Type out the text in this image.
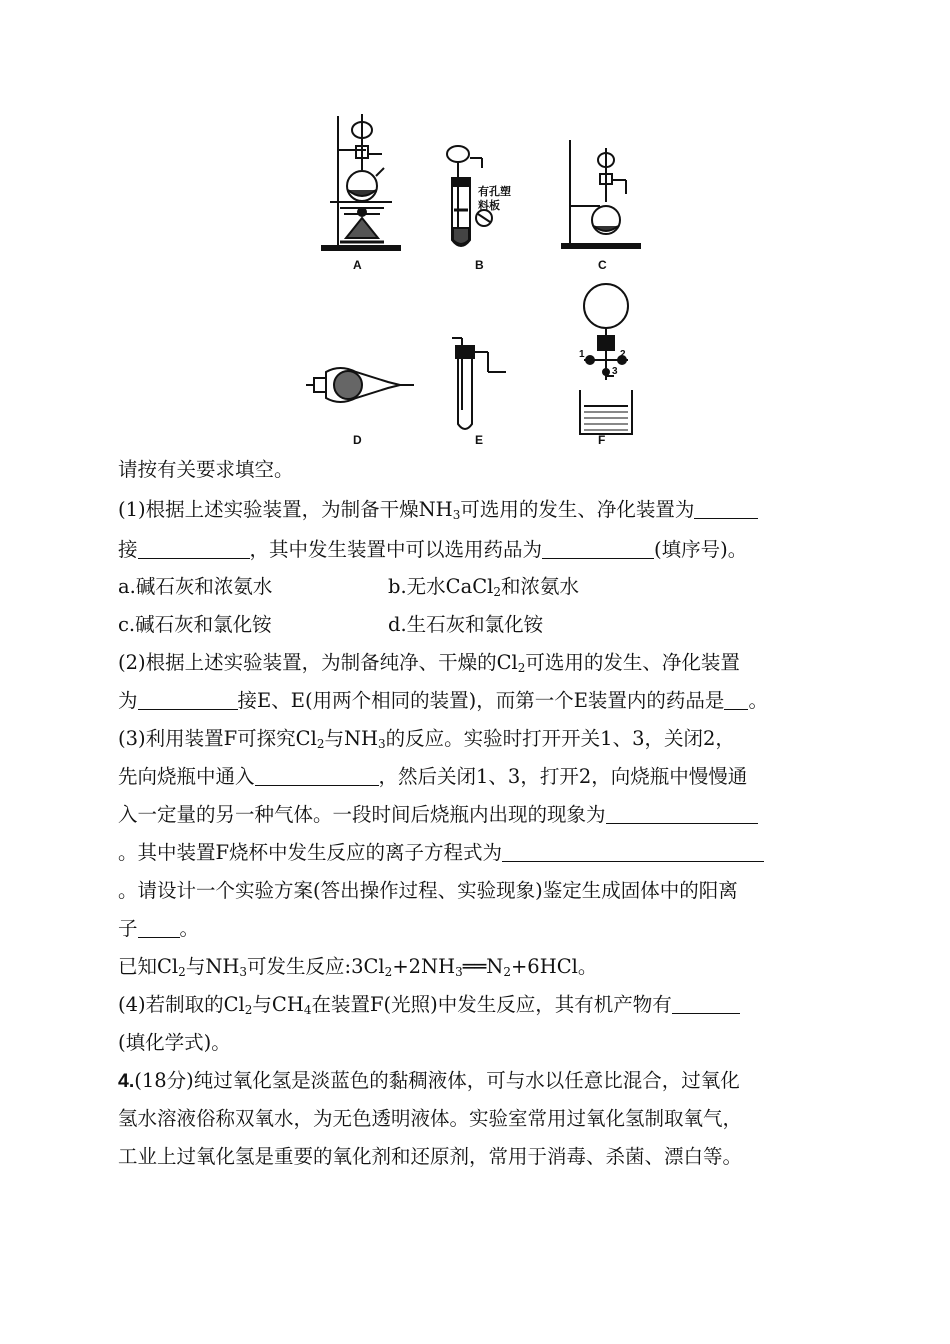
A	B	C
D	E	F
有孔塑
料板
1	2
3
请按有关要求填空。
(1)根据上述实验装置，为制备干燥$NH_3$可选用的发生、净化装置为
接	，其中发生装置中可以选用药品为	(填序号)。
a.碱石灰和浓氨水	b.无水CaCl$_2$和浓氨水
c.碱石灰和氯化铵	d.生石灰和氯化铵
(2)根据上述实验装置，为制备纯净、干燥的$Cl_2$可选用的发生、净化装置
为	接E、E(用两个相同的装置)，而第一个E装置内的药品是 。
(3)利用装置F可探究$Cl_2$与$NH_3$的反应。实验时打开开关1、3，关闭2，
先向烧瓶中通入	，然后关闭1、3，打开2，向烧瓶中慢慢通
入一定量的另一种气体。一段时间后烧瓶内出现的现象为
。其中装置F烧杯中发生反应的离子方程式为
。请设计一个实验方案(答出操作过程、实验现象)鉴定生成固体中的阳离
子 。
已知$Cl_2$与$NH_3$可发生反应$:3Cl_2+2NH_3══N_2+6HCl$。
(4)若制取的$Cl_2$与$CH_4$在装置F(光照)中发生反应，其有机产物有
(填化学式)。
4.(18分)纯过氧化氢是淡蓝色的黏稠液体，可与水以任意比混合，过氧化
氢水溶液俗称双氧水，为无色透明液体。实验室常用过氧化氢制取氧气，
工业上过氧化氢是重要的氧化剂和还原剂，常用于消毒、杀菌、漂白等。
